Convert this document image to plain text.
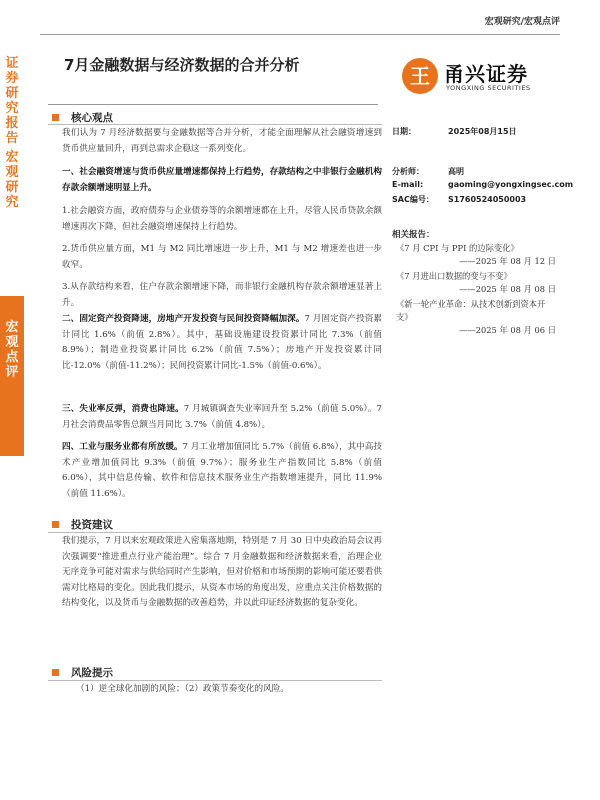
宏观研究/宏观点评
证券研究报告
宏观研究
宏观点评
7月金融数据与经济数据的合并分析	王 甬兴证券
YONGXING SECURITIES
核心观点
我们认为 7 月经济数据要与金融数据等合并分析，才能全面理解从社会融资增速到货币供应量回升，再到总需求企稳这一系列变化。
一、社会融资增速与货币供应量增速都保持上行趋势，存款结构之中非银行金融机构存款余额增速明显上升。
1.社会融资方面，政府债券与企业债券等的余额增速都在上升，尽管人民币贷款余额增速再次下降，但社会融资增速保持上行趋势。
2.货币供应量方面，M1 与 M2 同比增速进一步上升，M1 与 M2 增速差也进一步收窄。
3.从存款结构来看，住户存款余额增速下降，而非银行金融机构存款余额增速显著上升。
二、固定资产投资降速，房地产开发投资与民间投资降幅加深。7 月固定资产投资累计同比 1.6%（前值 2.8%）。其中，基础设施建设投资累计同比 7.3%（前值 8.9%）；制造业投资累计同比 6.2%（前值 7.5%）；房地产开发投资累计同比-12.0%（前值-11.2%）；民间投资累计同比-1.5%（前值-0.6%）。
三、失业率反弹，消费也降速。7 月城镇调查失业率回升至 5.2%（前值 5.0%）。7 月社会消费品零售总额当月同比 3.7%（前值 4.8%）。
四、工业与服务业都有所放缓。7 月工业增加值同比 5.7%（前值 6.8%），其中高技术产业增加值同比 9.3%（前值 9.7%）；服务业生产指数同比 5.8%（前值 6.0%），其中信息传输、软件和信息技术服务业生产指数增速提升，同比 11.9%（前值 11.6%）。
投资建议
我们提示，7 月以来宏观政策进入密集落地期，特别是 7 月 30 日中央政治局会议再次强调要“推进重点行业产能治理”。综合 7 月金融数据和经济数据来看，治理企业无序竞争可能对需求与供给同时产生影响，但对价格和市场预期的影响可能还要看供需对比格局的变化。因此我们提示，从资本市场的角度出发，应重点关注价格数据的结构变化，以及货币与金融数据的改善趋势，并以此印证经济数据的复杂变化。
风险提示
（1）逆全球化加剧的风险；（2）政策节奏变化的风险。
日期：	2025年08月15日
分析师：	高明
E-mail:	gaoming@yongxingsec.com
SAC编号： S1760524050003
相关报告：
《7 月 CPI 与 PPI 的边际变化》
——2025 年 08 月 12 日
《7 月进出口数据的变与不变》
——2025 年 08 月 08 日
《新一轮产业革命：从技术创新到资本开支》
——2025 年 08 月 06 日
